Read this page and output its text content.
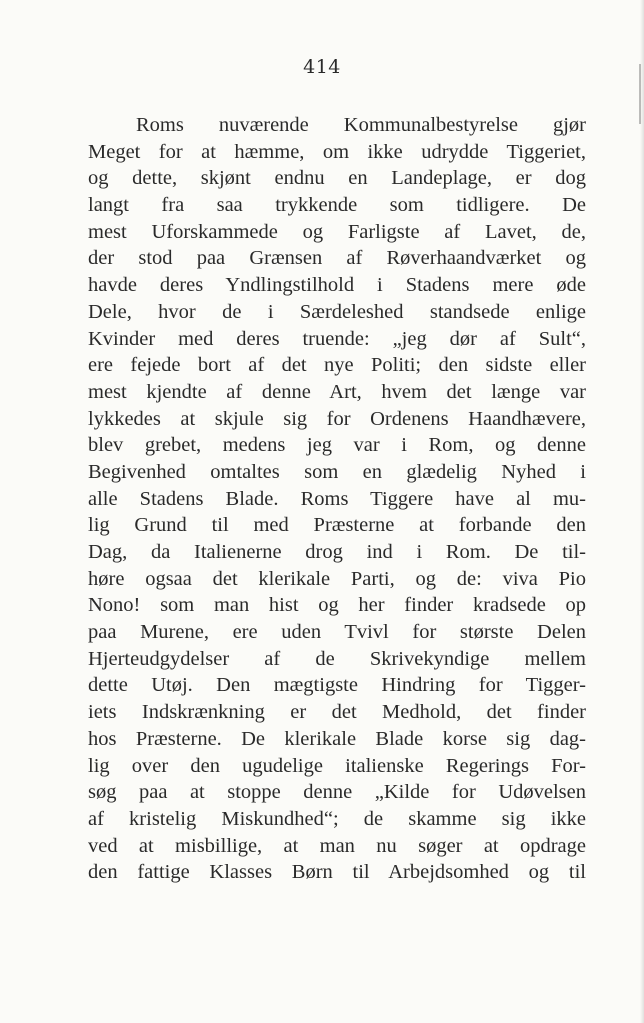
414
Roms nuværende Kommunalbestyrelse gjør
Meget for at hæmme, om ikke udrydde Tiggeriet,
og dette, skjønt endnu en Landeplage, er dog
langt fra saa trykkende som tidligere. De
mest Uforskammede og Farligste af Lavet, de,
der stod paa Grænsen af Røverhaandværket og
havde deres Yndlingstilhold i Stadens mere øde
Dele, hvor de i Særdeleshed standsede enlige
Kvinder med deres truende: „jeg dør af Sult“,
ere fejede bort af det nye Politi; den sidste eller
mest kjendte af denne Art, hvem det længe var
lykkedes at skjule sig for Ordenens Haandhævere,
blev grebet, medens jeg var i Rom, og denne
Begivenhed omtaltes som en glædelig Nyhed i
alle Stadens Blade. Roms Tiggere have al mu-
lig Grund til med Præsterne at forbande den
Dag, da Italienerne drog ind i Rom. De til-
høre ogsaa det klerikale Parti, og de: viva Pio
Nono! som man hist og her finder kradsede op
paa Murene, ere uden Tvivl for største Delen
Hjerteudgydelser af de Skrivekyndige mellem
dette Utøj. Den mægtigste Hindring for Tigger-
iets Indskrænkning er det Medhold, det finder
hos Præsterne. De klerikale Blade korse sig dag-
lig over den ugudelige italienske Regerings For-
søg paa at stoppe denne „Kilde for Udøvelsen
af kristelig Miskundhed“; de skamme sig ikke
ved at misbillige, at man nu søger at opdrage
den fattige Klasses Børn til Arbejdsomhed og til
